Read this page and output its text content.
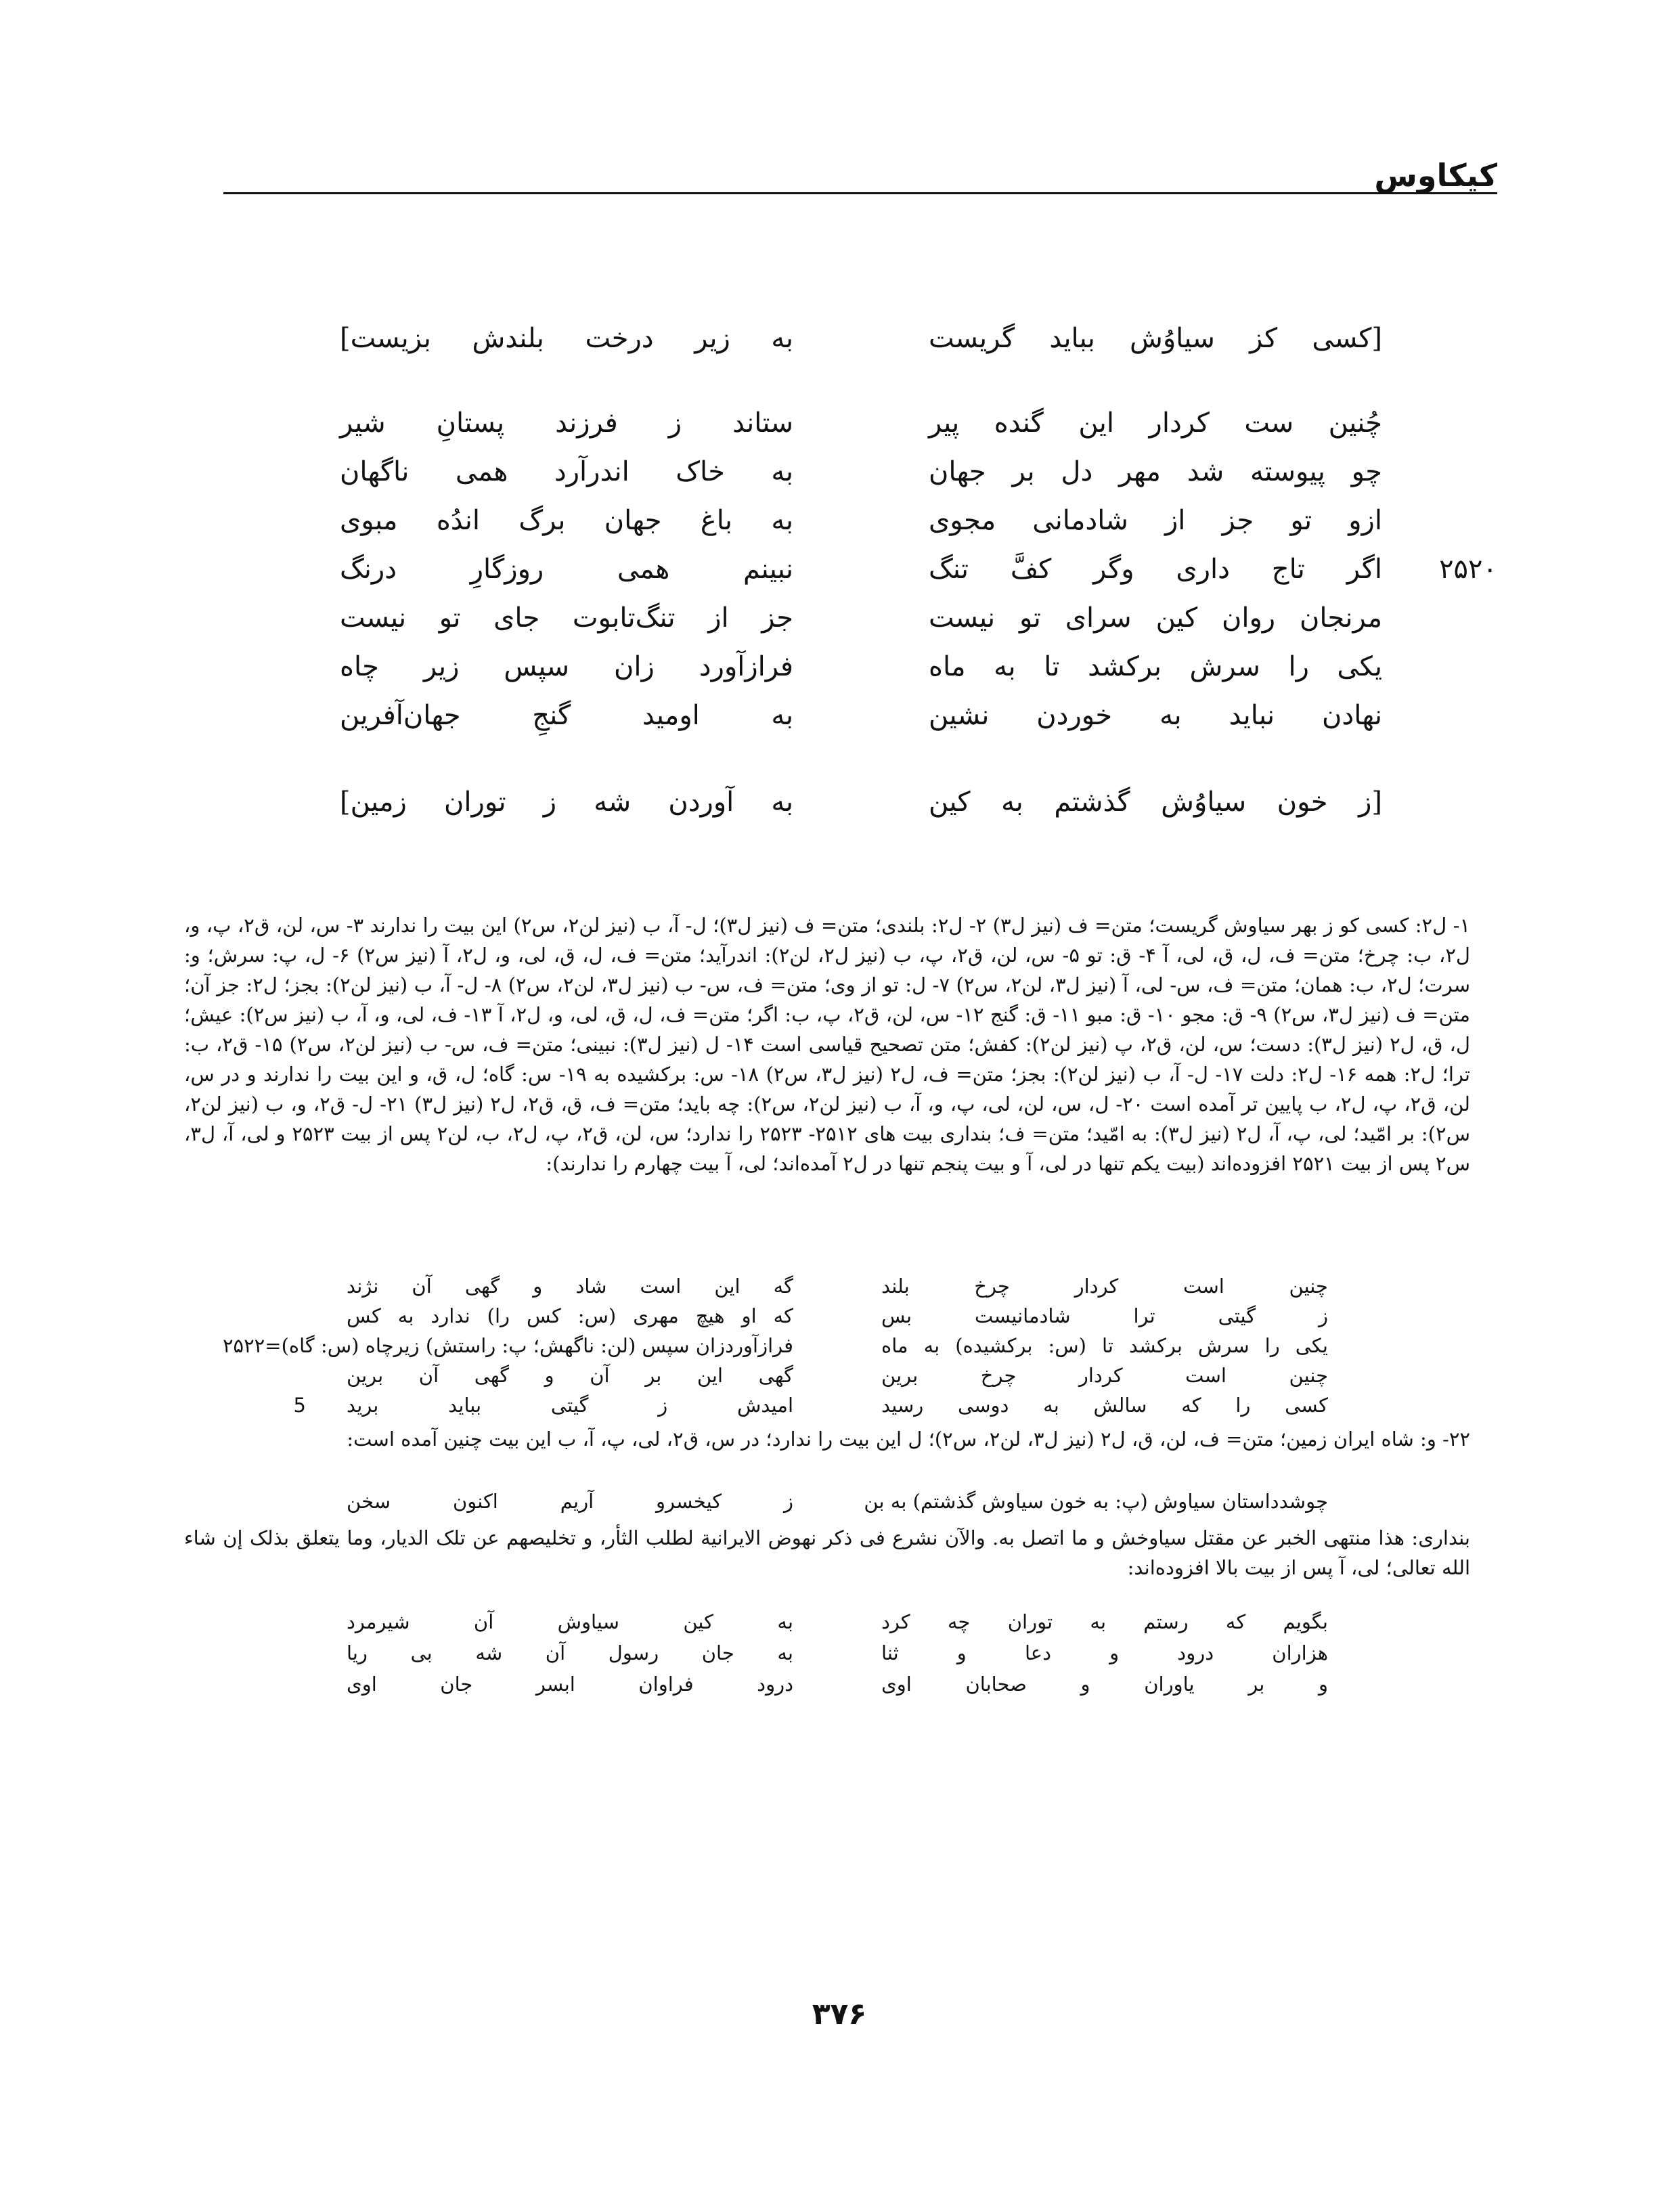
کیکاوس
[کسی کز سیاوُش بباید گریست
به زیر درخت بلندش بزیست]
چُنین ست کردار این گنده پیر
ستاند ز فرزند پستانِ شیر
چو پیوسته شد مهر دل بر جهان
به خاک اندرآرد همی ناگهان
ازو تو جز از شادمانی مجوی
به باغ جهان برگ اندُه مبوی
۲۵۲۰
اگر تاج داری وگر کفَّ تنگ
نبینم همی روزگارِ درنگ
مرنجان روان کین سرای تو نیست
جز از تنگ‌تابوت جای تو نیست
یکی را سرش برکشد تا به ماه
فرازآورد زان سپس زیر چاه
نهادن نباید به خوردن نشین
به اومید گنجِ جهان‌آفرین
[ز خون سیاوُش گذشتم به کین
به آوردن شه ز توران زمین]

۱- ل۲: کسی کو ز بهر سیاوش گریست؛ متن= ف (نیز ل۳) ۲- ل۲: بلندی؛ متن= ف (نیز ل۳)؛ ل- آ، ب (نیز لن۲، س۲) این بیت را ندارند ۳- س، لن، ق۲، پ، و، ل۲، ب: چرخ؛ متن= ف، ل، ق، لی، آ ۴- ق: تو ۵- س، لن، ق۲، پ، ب (نیز ل۲، لن۲): اندرآید؛ متن= ف، ل، ق، لی، و، ل۲، آ (نیز س۲) ۶- ل، پ: سرش؛ و: سرت؛ ل۲، ب: همان؛ متن= ف، س- لی، آ (نیز ل۳، لن۲، س۲) ۷- ل: تو از وی؛ متن= ف، س- ب (نیز ل۳، لن۲، س۲) ۸- ل- آ، ب (نیز لن۲): بجز؛ ل۲: جز آن؛ متن= ف (نیز ل۳، س۲) ۹- ق: مجو ۱۰- ق: مبو ۱۱- ق: گنج ۱۲- س، لن، ق۲، پ، ب: اگر؛ متن= ف، ل، ق، لی، و، ل۲، آ ۱۳- ف، لی، و، آ، ب (نیز س۲): عیش؛ ل، ق، ل۲ (نیز ل۳): دست؛ س، لن، ق۲، پ (نیز لن۲): کفش؛ متن تصحیح قیاسی است ۱۴- ل (نیز ل۳): نبینی؛ متن= ف، س- ب (نیز لن۲، س۲) ۱۵- ق۲، ب: ترا؛ ل۲: همه ۱۶- ل۲: دلت ۱۷- ل- آ، ب (نیز لن۲): بجز؛ متن= ف، ل۲ (نیز ل۳، س۲) ۱۸- س: برکشیده به ۱۹- س: گاه؛ ل، ق، و این بیت را ندارند و در س، لن، ق۲، پ، ل۲، ب پایین تر آمده است ۲۰- ل، س، لن، لی، پ، و، آ، ب (نیز لن۲، س۲): چه باید؛ متن= ف، ق، ق۲، ل۲ (نیز ل۳) ۲۱- ل- ق۲، و، ب (نیز لن۲، س۲): بر امّید؛ لی، پ، آ، ل۲ (نیز ل۳): به امّید؛ متن= ف؛ بنداری بیت های ۲۵۱۲- ۲۵۲۳ را ندارد؛ س، لن، ق۲، پ، ل۲، ب، لن۲ پس از بیت ۲۵۲۳ و لی، آ، ل۳، س۲ پس از بیت ۲۵۲۱ افزوده‌اند (بیت یکم تنها در لی، آ و بیت پنجم تنها در ل۲ آمده‌اند؛ لی، آ بیت چهارم را ندارند):

چنین است کردار چرخ بلند
گه این است شاد و گهی آن نژند
ز گیتی ترا شادمانیست بس
که او هیچ مهری (س: کس را) ندارد به کس
یکی را سرش برکشد تا (س: برکشیده) به ماه
فرازآوردزان سپس (لن: ناگهش؛ پ: راستش) زیرچاه (س: گاه)=۲۵۲۲
چنین است کردار چرخ برین
گهی این بر آن و گهی آن برین
5	کسی را که سالش به دوسی رسید
امیدش ز گیتی بباید برید

۲۲- و: شاه ایران زمین؛ متن= ف، لن، ق، ل۲ (نیز ل۳، لن۲، س۲)؛ ل این بیت را ندارد؛ در س، ق۲، لی، پ، آ، ب این بیت چنین آمده است:

چوشدداستان سیاوش (پ: به خون سیاوش گذشتم) به بن
ز کیخسرو آریم اکنون سخن

بنداری: هذا منتهی الخبر عن مقتل سیاوخش و ما اتصل به. والآن نشرع فی ذکر نهوض الایرانیة لطلب الثأر، و تخلیصهم عن تلک الدیار، وما یتعلق بذلک إن شاء الله تعالی؛ لی، آ پس از بیت بالا افزوده‌اند:

بگویم که رستم به توران چه کرد
به کین سیاوش آن شیرمرد
هزاران درود و دعا و ثنا
به جان رسول آن شه بی ریا
و بر یاوران و صحابان اوی
درود فراوان ابسر جان اوی
۳۷۶
